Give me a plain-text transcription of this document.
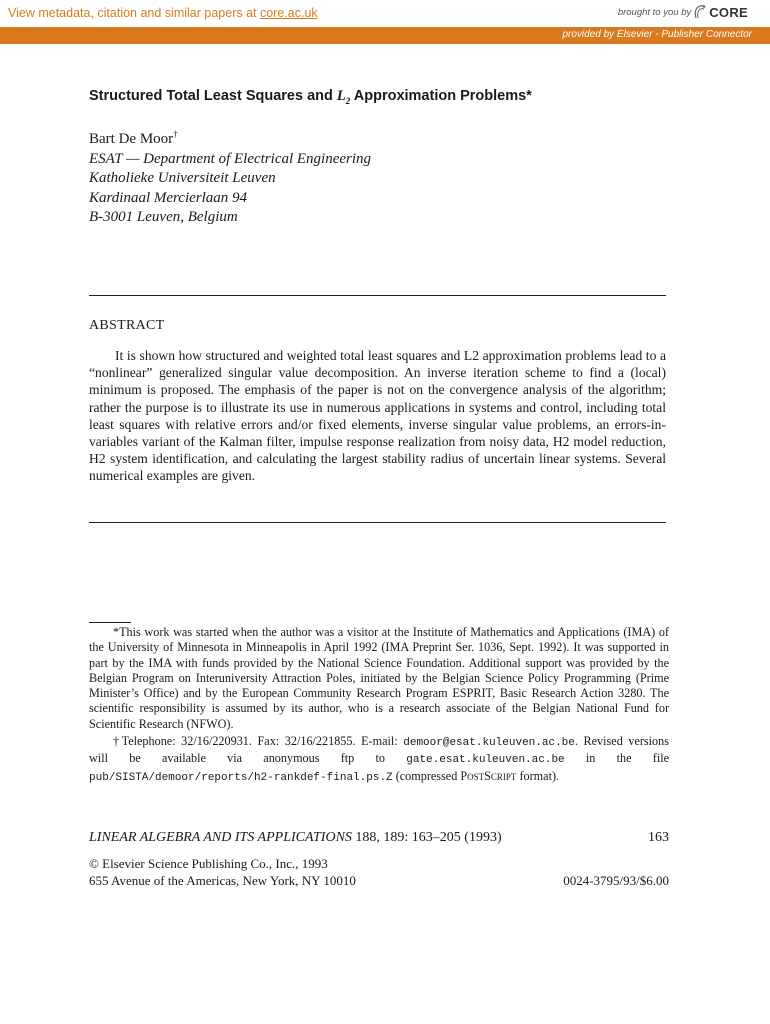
View metadata, citation and similar papers at core.ac.uk	brought to you by CORE
provided by Elsevier - Publisher Connector
Structured Total Least Squares and $L_2$ Approximation Problems*
Bart De Moor†
ESAT — Department of Electrical Engineering
Katholieke Universiteit Leuven
Kardinaal Mercierlaan 94
B-3001 Leuven, Belgium
ABSTRACT
It is shown how structured and weighted total least squares and L2 approximation problems lead to a “nonlinear” generalized singular value decomposition. An inverse iteration scheme to find a (local) minimum is proposed. The emphasis of the paper is not on the convergence analysis of the algorithm; rather the purpose is to illustrate its use in numerous applications in systems and control, including total least squares with relative errors and/or fixed elements, inverse singular value problems, an errors-in-variables variant of the Kalman filter, impulse response realization from noisy data, H2 model reduction, H2 system identification, and calculating the largest stability radius of uncertain linear systems. Several numerical examples are given.

*This work was started when the author was a visitor at the Institute of Mathematics and Applications (IMA) of the University of Minnesota in Minneapolis in April 1992 (IMA Preprint Ser. 1036, Sept. 1992). It was supported in part by the IMA with funds provided by the National Science Foundation. Additional support was provided by the Belgian Program on Interuniversity Attraction Poles, initiated by the Belgian Science Policy Programming (Prime Minister’s Office) and by the European Community Research Program ESPRIT, Basic Research Action 3280. The scientific responsibility is assumed by its author, who is a research associate of the Belgian National Fund for Scientific Research (NFWO).

†Telephone: 32/16/220931. Fax: 32/16/221855. E-mail: demoor@esat.kuleuven.ac.be. Revised versions will be available via anonymous ftp to gate.esat.kuleuven.ac.be in the file pub/SISTA/demoor/reports/h2-rankdef-final.ps.Z (compressed PostScript format).

LINEAR ALGEBRA AND ITS APPLICATIONS 188, 189: 163–205 (1993)	163
© Elsevier Science Publishing Co., Inc., 1993
655 Avenue of the Americas, New York, NY 10010	0024-3795/93/$6.00
